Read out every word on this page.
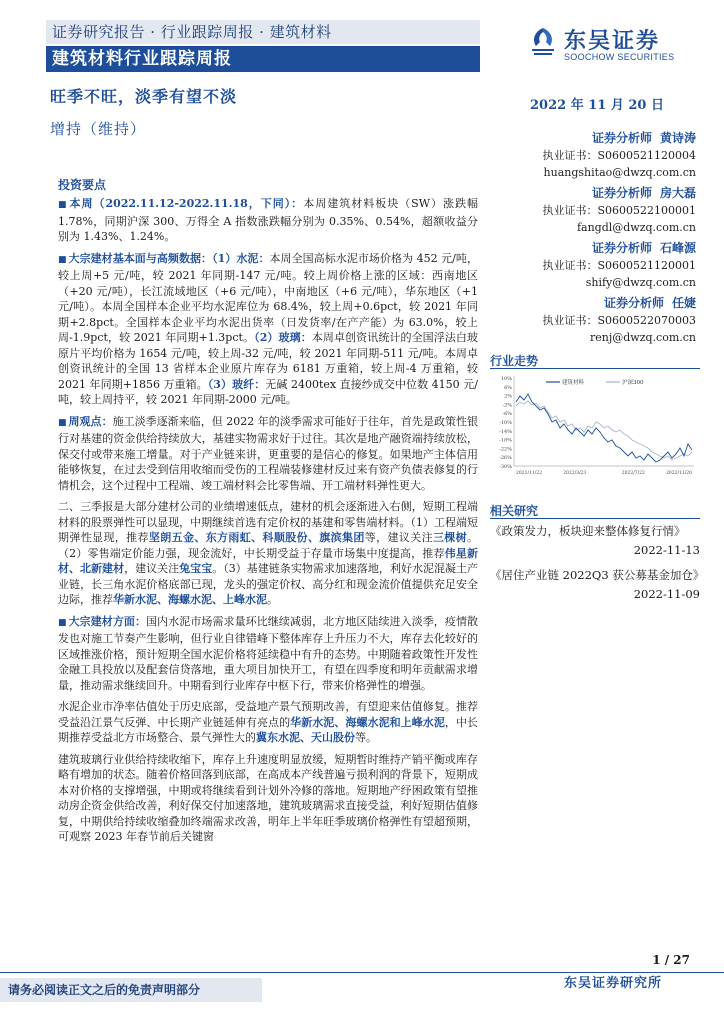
证券研究报告 · 行业跟踪周报 · 建筑材料
建筑材料行业跟踪周报
东吴证券
SOOCHOW SECURITIES
旺季不旺，淡季有望不淡	2022 年 11 月 20 日
增持（维持）	证券分析师 黄诗涛
执业证书：S0600521120004
huangshitao@dwzq.com.cn
证券分析师 房大磊
执业证书：S0600522100001
fangdl@dwzq.com.cn
证券分析师 石峰源
执业证书：S0600521120001
shify@dwzq.com.cn
证券分析师 任婕
执业证书：S0600522070003
renj@dwzq.com.cn
投资要点

■ 本周（2022.11.12-2022.11.18，下同）：本周建筑材料板块（SW）涨跌幅 1.78%，同期沪深 300、万得全 A 指数涨跌幅分别为 0.35%、0.54%，超额收益分别为 1.43%、1.24%。

■ 大宗建材基本面与高频数据：（1）水泥：本周全国高标水泥市场价格为 452 元/吨，较上周+5 元/吨，较 2021 年同期-147 元/吨。较上周价格上涨的区域：西南地区（+20 元/吨），长江流域地区（+6 元/吨），中南地区（+6 元/吨），华东地区（+1 元/吨）。本周全国样本企业平均水泥库位为 68.4%，较上周+0.6pct，较 2021 年同期+2.8pct。全国样本企业平均水泥出货率（日发货率/在产产能）为 63.0%，较上周-1.9pct，较 2021 年同期+1.3pct。（2）玻璃：本周卓创资讯统计的全国浮法白玻原片平均价格为 1654 元/吨，较上周-32 元/吨，较 2021 年同期-511 元/吨。本周卓创资讯统计的全国 13 省样本企业原片库存为 6181 万重箱，较上周-4 万重箱，较 2021 年同期+1856 万重箱。（3）玻纤：无碱 2400tex 直接纱成交中位数 4150 元/吨，较上周持平，较 2021 年同期-2000 元/吨。

■ 周观点：施工淡季逐渐来临，但 2022 年的淡季需求可能好于往年，首先是政策性银行对基建的资金供给持续放大，基建实物需求好于过往。其次是地产融资端持续放松，保交付或带来施工增量。对于产业链来讲，更重要的是信心的修复。如果地产主体信用能够恢复，在过去受到信用收缩而受伤的工程端装修建材反过来有资产负债表修复的行情机会，这个过程中工程端、竣工端材料会比零售端、开工端材料弹性更大。

二、三季报是大部分建材公司的业绩增速低点，建材的机会逐渐进入右侧，短期工程端材料的股票弹性可以显现，中期继续首选有定价权的基建和零售端材料。（1）工程端短期弹性显现，推荐坚朗五金、东方雨虹、科顺股份、旗滨集团等，建议关注三棵树。（2）零售端定价能力强，现金流好，中长期受益于存量市场集中度提高，推荐伟星新材、北新建材，建议关注兔宝宝。（3）基建链条实物需求加速落地，利好水泥混凝土产业链，长三角水泥价格底部已现，龙头的强定价权、高分红和现金流价值提供充足安全边际，推荐华新水泥、海螺水泥、上峰水泥。

■ 大宗建材方面：国内水泥市场需求量环比继续减弱，北方地区陆续进入淡季，疫情散发也对施工节奏产生影响，但行业自律错峰下整体库存上升压力不大，库存去化较好的区域推涨价格，预计短期全国水泥价格将延续稳中有升的态势。中期随着政策性开发性金融工具投放以及配套信贷落地，重大项目加快开工，有望在四季度和明年贡献需求增量，推动需求继续回升。中期看到行业库存中枢下行，带来价格弹性的增强。

水泥企业市净率估值处于历史底部，受益地产景气预期改善，有望迎来估值修复。推荐受益沿江景气反弹、中长期产业链延伸有亮点的华新水泥、海螺水泥和上峰水泥，中长期推荐受益北方市场整合、景气弹性大的冀东水泥、天山股份等。

建筑玻璃行业供给持续收缩下，库存上升速度明显放缓，短期暂时维持产销平衡或库存略有增加的状态。随着价格回落到底部，在高成本产线普遍亏损利润的背景下，短期成本对价格的支撑增强，中期或将继续看到计划外冷修的落地。短期地产纾困政策有望推动房企资金供给改善，利好保交付加速落地，建筑玻璃需求直接受益，利好短期估值修复，中期供给持续收缩叠加终端需求改善，明年上半年旺季玻璃价格弹性有望超预期，可观察 2023 年春节前后关键窗

行业走势
10%
6%
2%
-2%
-6%
-10%
-14%
-18%
-22%
-26%
-30%
2021/11/22	2022/3/23	2022/7/22	2022/11/20
建筑材料	沪深300
相关研究
《政策发力，板块迎来整体修复行情》
2022-11-13
《居住产业链 2022Q3 获公募基金加仓》
2022-11-09
1 / 27
请务必阅读正文之后的免责声明部分	东吴证券研究所
